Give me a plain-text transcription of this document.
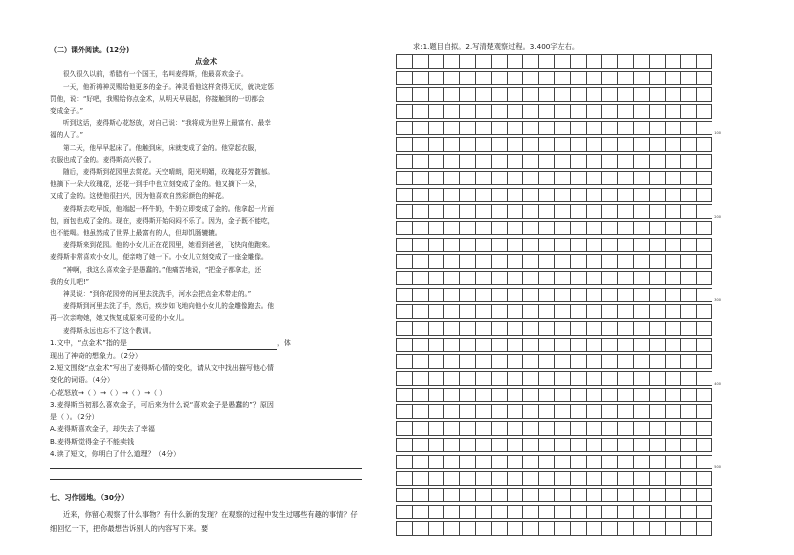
（二）课外阅读。(12分)

点金术

很久很久以前，希腊有一个国王，名叫麦得斯，他最喜欢金子。

一天，他祈祷神灵赐给他更多的金子。神灵看他这样贪得无厌，就决定惩

罚他，说：“好吧，我赐给你点金术，从明天早晨起，你接触到的一切都会

变成金子。”

听到这话，麦得斯心花怒放，对自己说：“我将成为世界上最富有、最幸

福的人了。”

第二天，他早早起床了。他触到床，床就变成了金的。他穿起衣服，

衣服也成了金的。麦得斯高兴极了。

随后，麦得斯到花园里去赏花。天空晴朗，阳光明媚，玫瑰花芬芳馥郁。

他摘下一朵大玫瑰花，还花一到手中也立刻变成了金的。他又摘下一朵，

又成了金的。这使他很扫兴，因为他喜欢自然彩颜色的鲜花。

麦得斯去吃早饭，他端起一杯牛奶，牛奶立即变成了金的。他拿起一片面

包，面包也成了金的。现在，麦得斯开始闷闷不乐了。因为，金子既不能吃，

也不能喝。他虽然成了世界上最富有的人，但却饥肠辘辘。

麦得斯来到花园。他的小女儿正在花园里，她看到爸爸，飞快向他跑来。

麦得斯非常喜欢小女儿，便亲吻了她一下。小女儿立刻变成了一座金雕像。

“神啊，我这么喜欢金子是愚蠢的。”他痛苦地说，“把金子都拿走，还

我的女儿吧!”

神灵说：“到你花园旁的河里去洗洗手，河水会把点金术带走的。”

麦得斯到河里去洗了手，然后，疾步如飞地向他小女儿的金雕像跑去。他

再一次亲吻她，她又恢复成原来可爱的小女儿。

麦得斯永远也忘不了这个教训。

1.文中，“点金术”指的是	，体

现出了神奇的想象力。（2分）

2.短文围绕“点金术”写出了麦得斯心情的变化，请从文中找出描写他心情

变化的词语。（4分）

心花怒放→（ ）→（ ）→（ ）→（ ）

3.麦得斯当初那么喜欢金子，可后来为什么说“喜欢金子是愚蠢的”？原因

是（ ）。（2分）

A.麦得斯喜欢金子，却失去了幸福

B.麦得斯觉得金子不能卖钱

4.读了短文，你明白了什么道理？（4分）

七、习作园地。（30分）

近来，你留心观察了什么事物？有什么新的发现？在观察的过程中发生过哪些有趣的事情？仔细回忆一下，把你最想告诉别人的内容写下来。要

求:1.题目自拟。2.写清楚观察过程。3.400字左右。
100
200
300
400
500
